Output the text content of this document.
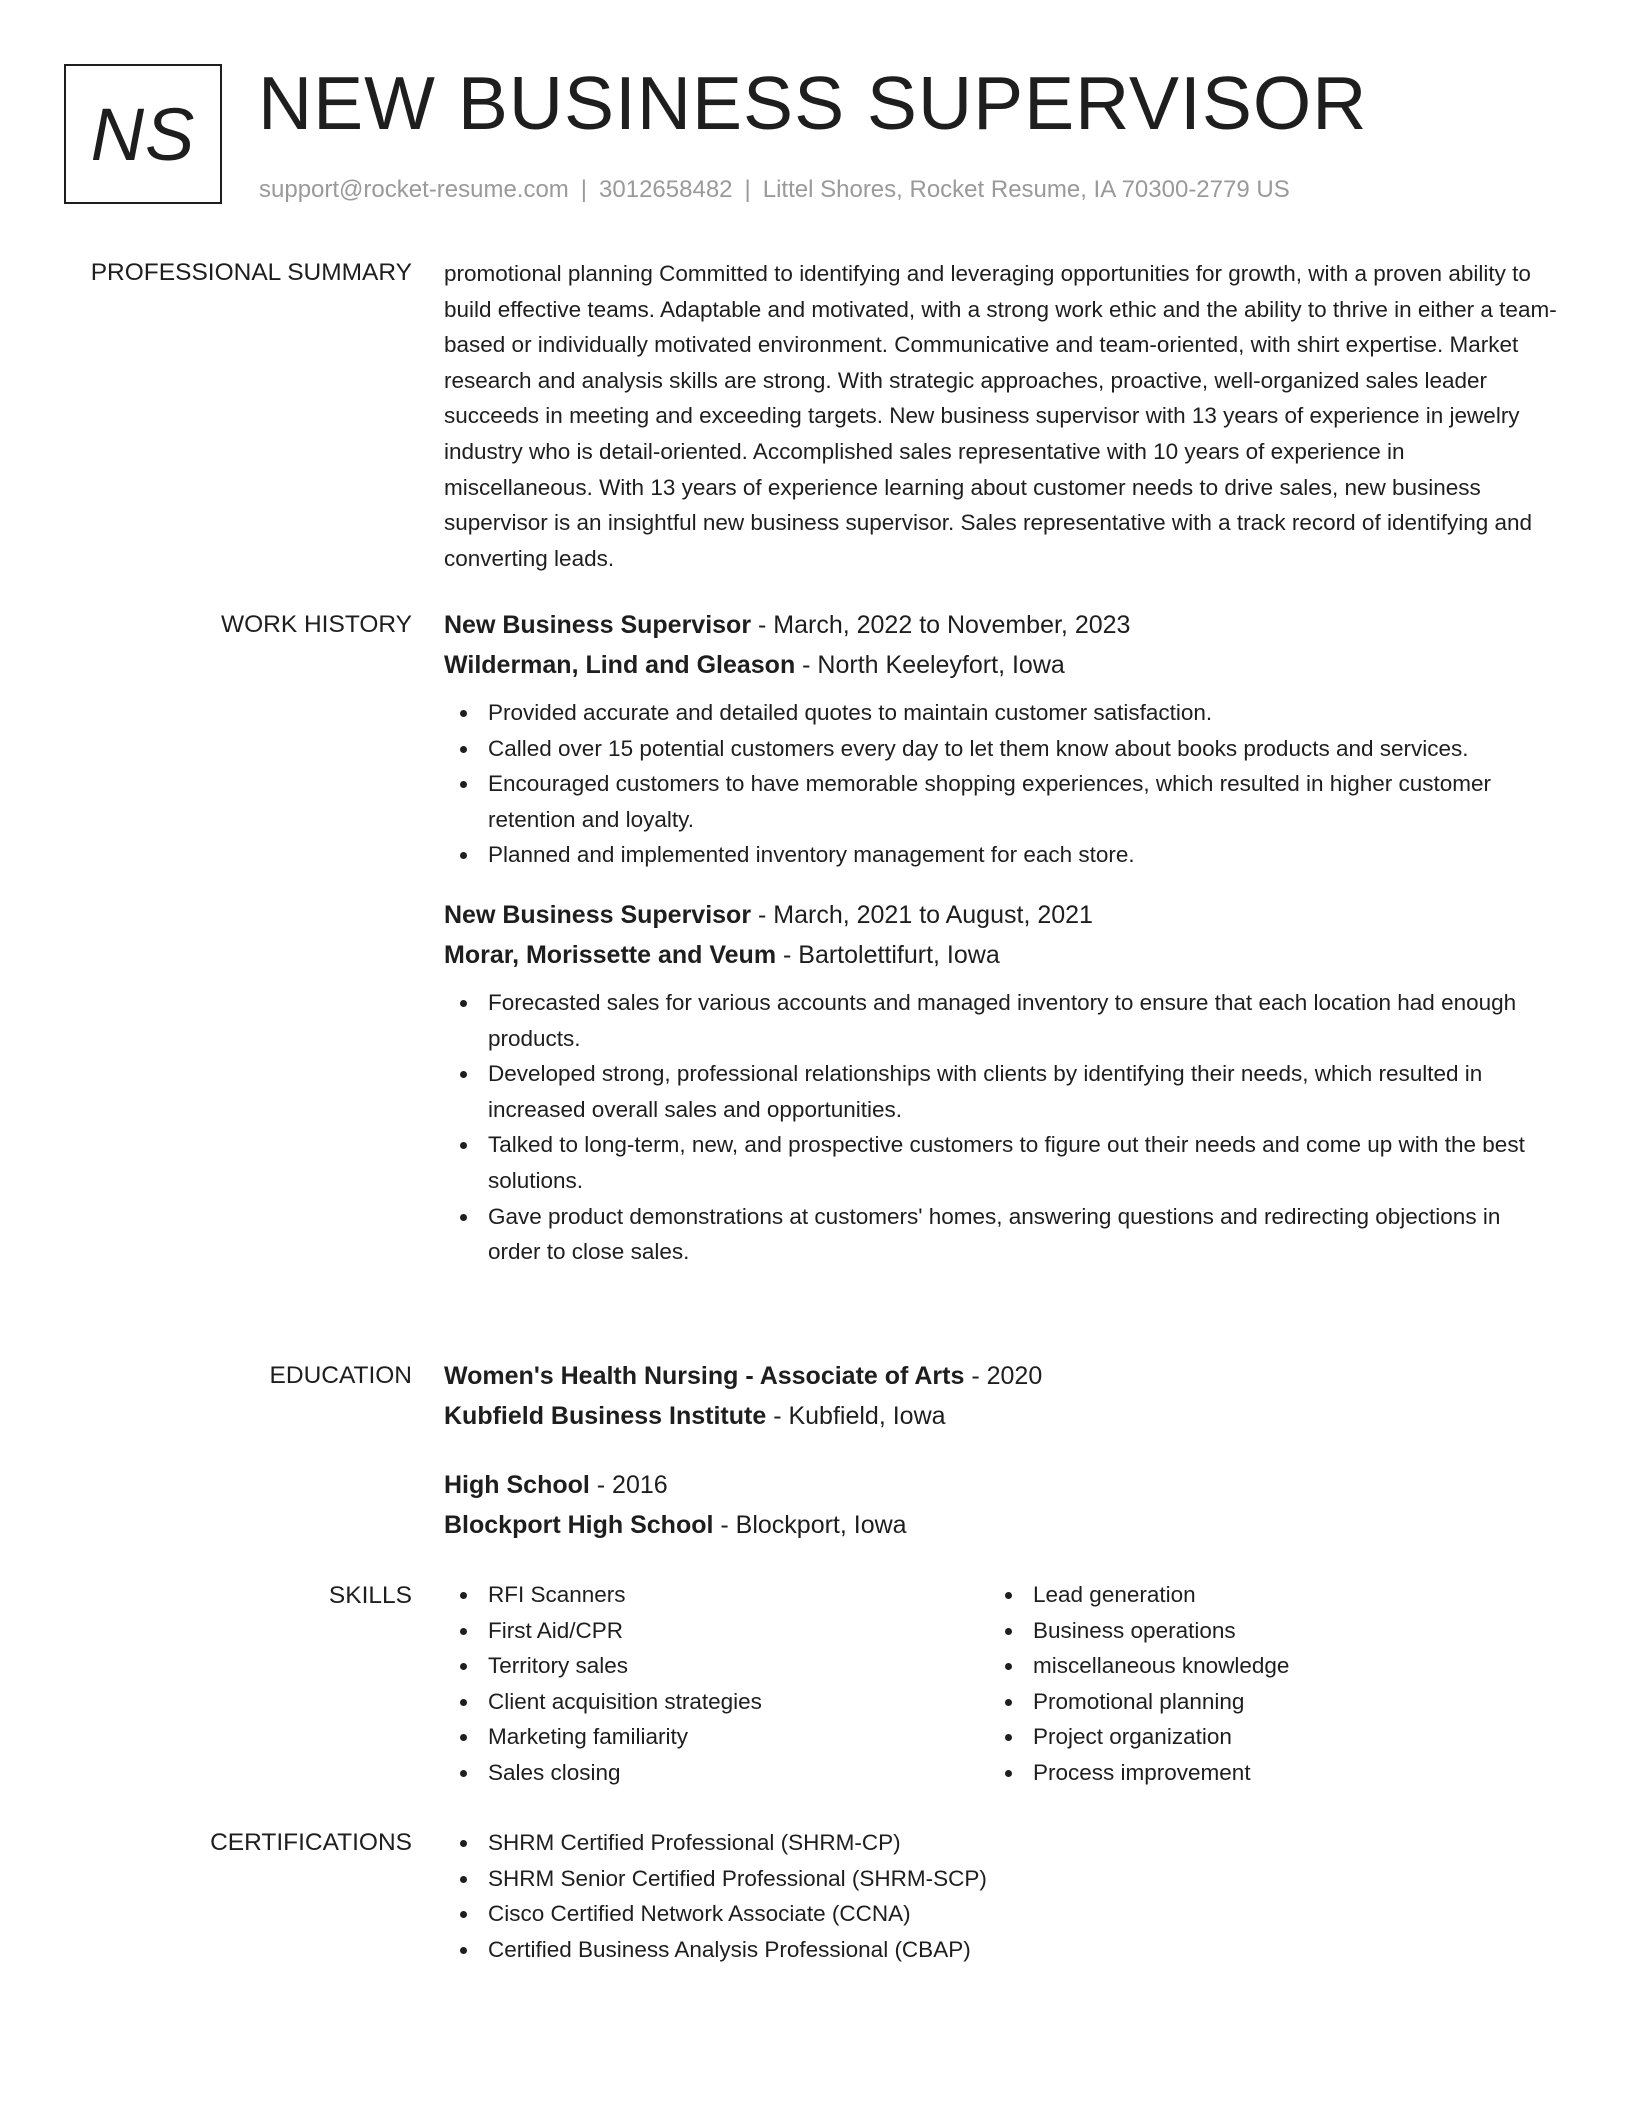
NS NEW BUSINESS SUPERVISOR
support@rocket-resume.com | 3012658482 | Littel Shores, Rocket Resume, IA 70300-2779 US
PROFESSIONAL SUMMARY promotional planning Committed to identifying and leveraging opportunities for growth, with a proven ability to build effective teams. Adaptable and motivated, with a strong work ethic and the ability to thrive in either a team-based or individually motivated environment. Communicative and team-oriented, with shirt expertise. Market research and analysis skills are strong. With strategic approaches, proactive, well-organized sales leader succeeds in meeting and exceeding targets. New business supervisor with 13 years of experience in jewelry industry who is detail-oriented. Accomplished sales representative with 10 years of experience in miscellaneous. With 13 years of experience learning about customer needs to drive sales, new business supervisor is an insightful new business supervisor. Sales representative with a track record of identifying and converting leads.

WORK HISTORY New Business Supervisor - March, 2022 to November, 2023
Wilderman, Lind and Gleason - North Keeleyfort, Iowa
Provided accurate and detailed quotes to maintain customer satisfaction.
Called over 15 potential customers every day to let them know about books products and services.
Encouraged customers to have memorable shopping experiences, which resulted in higher customer retention and loyalty.
Planned and implemented inventory management for each store.
New Business Supervisor - March, 2021 to August, 2021
Morar, Morissette and Veum - Bartolettifurt, Iowa
Forecasted sales for various accounts and managed inventory to ensure that each location had enough products.
Developed strong, professional relationships with clients by identifying their needs, which resulted in increased overall sales and opportunities.
Talked to long-term, new, and prospective customers to figure out their needs and come up with the best solutions.
Gave product demonstrations at customers' homes, answering questions and redirecting objections in order to close sales.
EDUCATION Women's Health Nursing - Associate of Arts - 2020
Kubfield Business Institute - Kubfield, Iowa
High School - 2016
Blockport High School - Blockport, Iowa
SKILLS	RFI Scanners
First Aid/CPR
Territory sales
Client acquisition strategies
Marketing familiarity
Sales closing
Lead generation
Business operations
miscellaneous knowledge
Promotional planning
Project organization
Process improvement
CERTIFICATIONS	SHRM Certified Professional (SHRM-CP)
SHRM Senior Certified Professional (SHRM-SCP)
Cisco Certified Network Associate (CCNA)
Certified Business Analysis Professional (CBAP)
